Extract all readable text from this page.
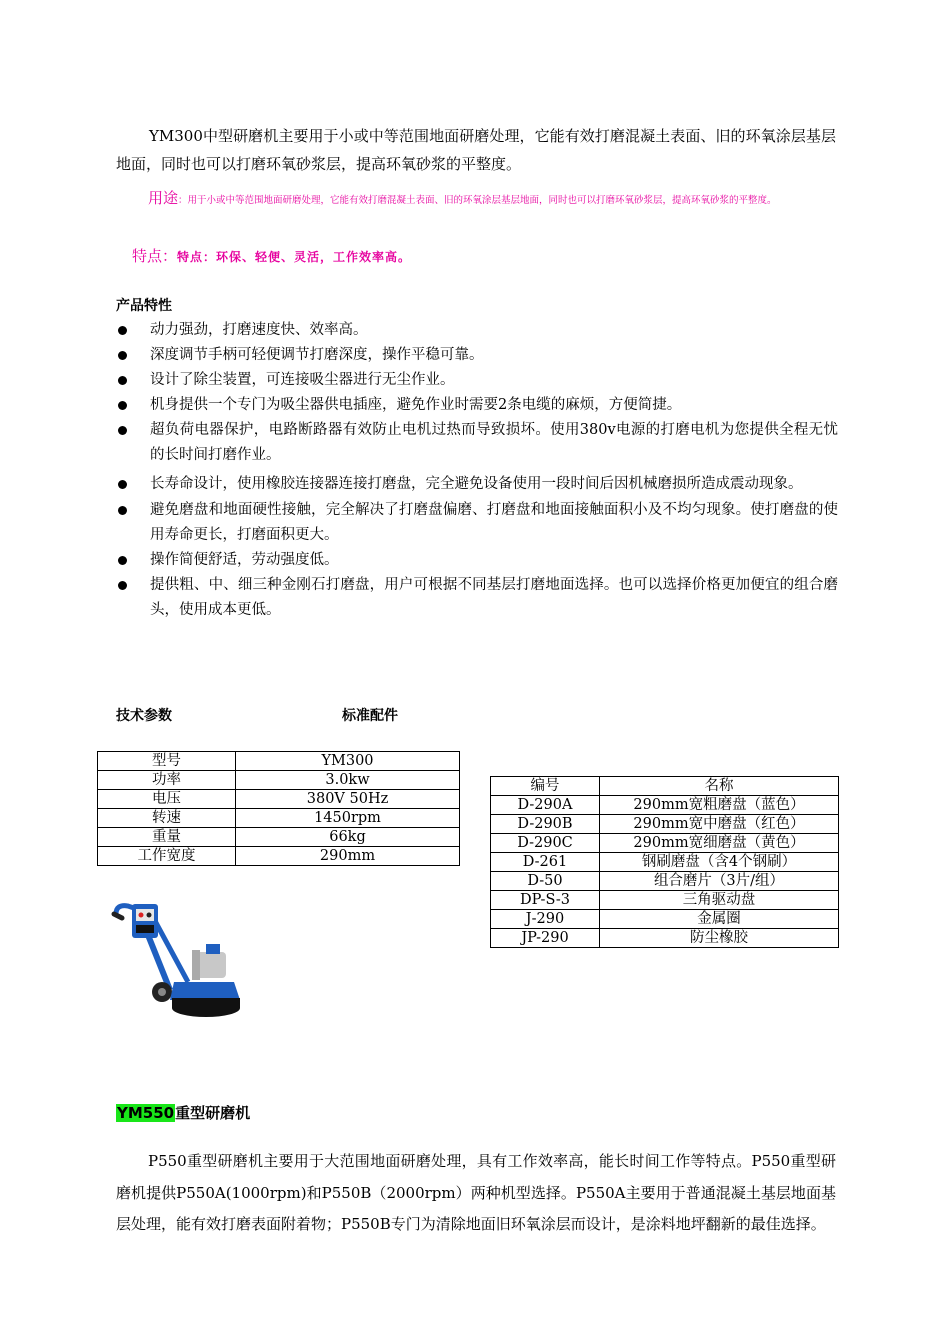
YM300中型研磨机主要用于小或中等范围地面研磨处理，它能有效打磨混凝土表面、旧的环氧涂层基层地面，同时也可以打磨环氧砂浆层，提高环氧砂浆的平整度。
用途：用于小或中等范围地面研磨处理，它能有效打磨混凝土表面、旧的环氧涂层基层地面，同时也可以打磨环氧砂浆层，提高环氧砂浆的平整度。
特点：特点：环保、轻便、灵活，工作效率高。
产品特性
动力强劲，打磨速度快、效率高。
深度调节手柄可轻便调节打磨深度，操作平稳可靠。
设计了除尘装置，可连接吸尘器进行无尘作业。
机身提供一个专门为吸尘器供电插座，避免作业时需要2条电缆的麻烦，方便简捷。
超负荷电器保护，电路断路器有效防止电机过热而导致损坏。使用380v电源的打磨电机为您提供全程无忧的长时间打磨作业。
长寿命设计，使用橡胶连接器连接打磨盘，完全避免设备使用一段时间后因机械磨损所造成震动现象。
避免磨盘和地面硬性接触，完全解决了打磨盘偏磨、打磨盘和地面接触面积小及不均匀现象。使打磨盘的使用寿命更长，打磨面积更大。
操作简便舒适，劳动强度低。
提供粗、中、细三种金刚石打磨盘，用户可根据不同基层打磨地面选择。也可以选择价格更加便宜的组合磨头，使用成本更低。
技术参数	标准配件
型号	YM300
功率	3.0kw
电压	380V 50Hz
转速	1450rpm
重量	66kg
工作宽度	290mm
编号	名称
D-290A	290mm宽粗磨盘（蓝色）
D-290B	290mm宽中磨盘（红色）
D-290C	290mm宽细磨盘（黄色）
D-261	钢刷磨盘（含4个钢刷）
D-50	组合磨片（3片/组）
DP-S-3	三角驱动盘
J-290	金属圈
JP-290	防尘橡胶
YM550重型研磨机
P550重型研磨机主要用于大范围地面研磨处理，具有工作效率高，能长时间工作等特点。P550重型研磨机提供P550A(1000rpm)和P550B（2000rpm）两种机型选择。P550A主要用于普通混凝土基层地面基层处理，能有效打磨表面附着物；P550B专门为清除地面旧环氧涂层而设计，是涂料地坪翻新的最佳选择。
